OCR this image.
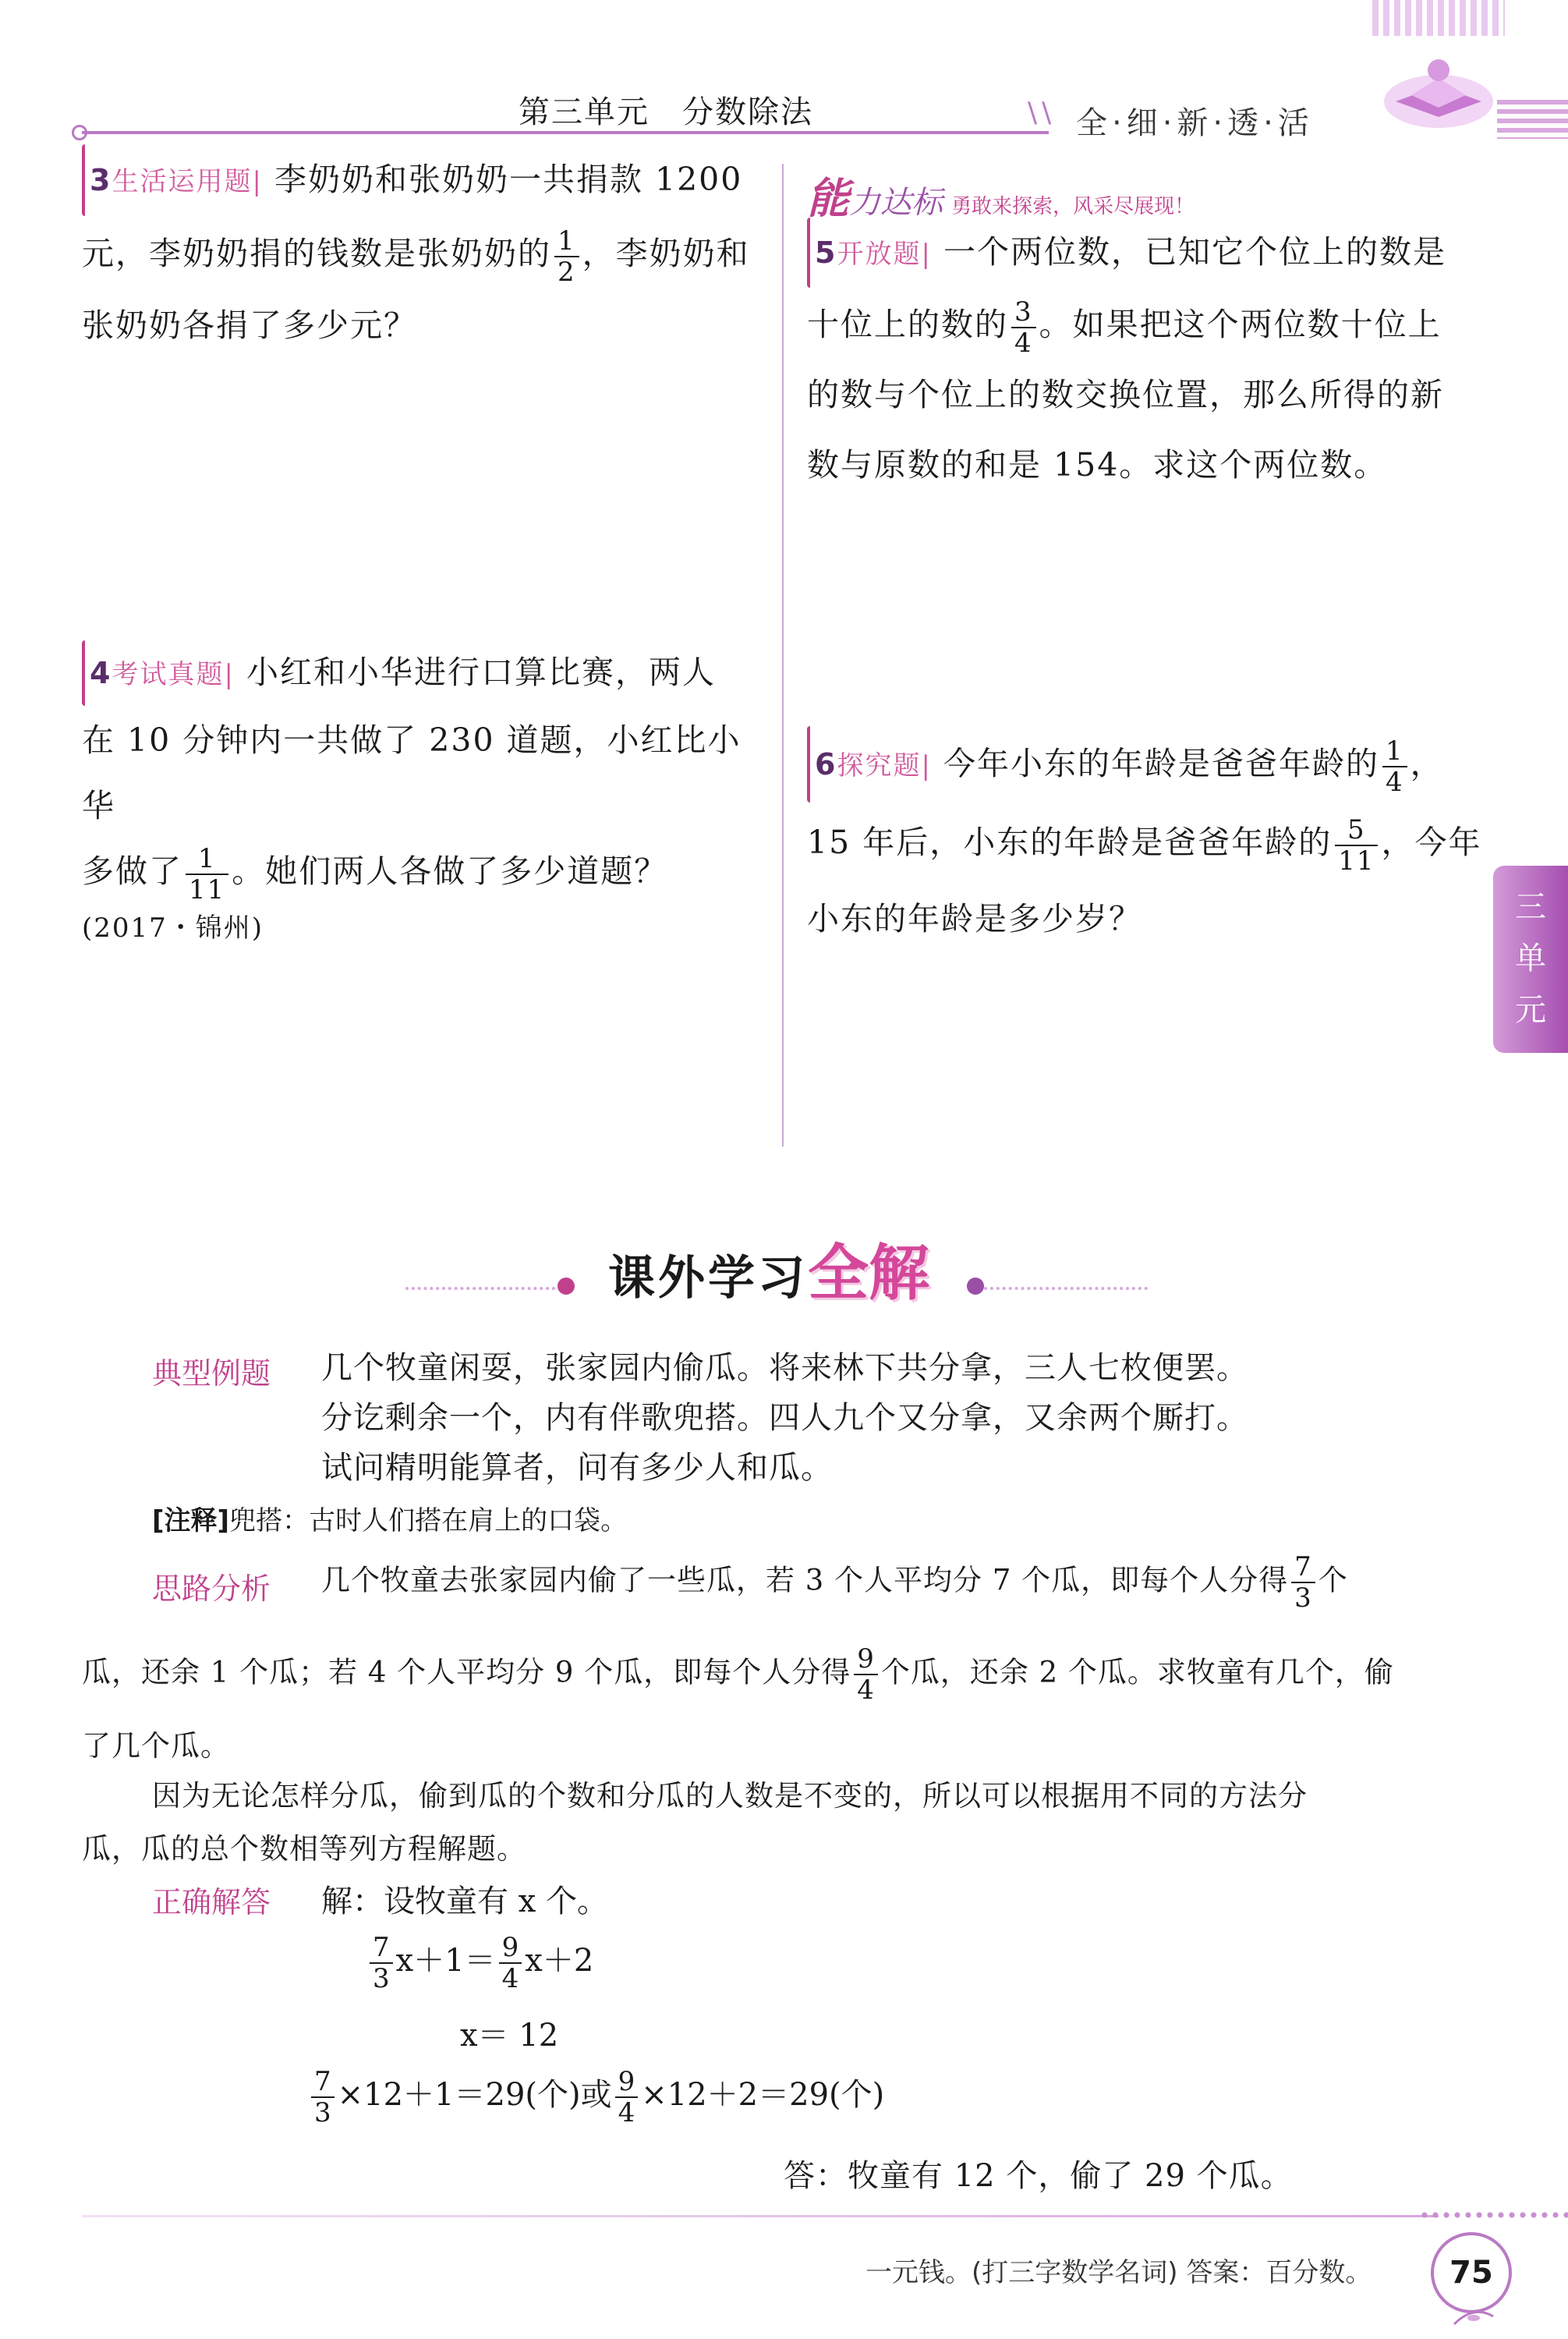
第三单元　分数除法	\\ 全·细·新·透·活
3生活运用题| 李奶奶和张奶奶一共捐款 1200
元，李奶奶捐的钱数是张奶奶的 $\frac{1}{2}$ ，李奶奶和
张奶奶各捐了多少元？
4考试真题| 小红和小华进行口算比赛，两人
在 10 分钟内一共做了 230 道题，小红比小华
多做了 $\frac{1}{11}$ 。她们两人各做了多少道题？
(2017・锦州)
能力达标 勇敢来探索，风采尽展现！
5开放题| 一个两位数，已知它个位上的数是
十位上的数的 $\frac{3}{4}$ 。如果把这个两位数十位上
的数与个位上的数交换位置，那么所得的新
数与原数的和是 154。求这个两位数。
6探究题| 今年小东的年龄是爸爸年龄的 $\frac{1}{4}$ ，
15 年后，小东的年龄是爸爸年龄的 $\frac{5}{11}$ ，今年
小东的年龄是多少岁？	三
单
元
课外学习全解
典型例题 几个牧童闲耍，张家园内偷瓜。将来林下共分拿，三人七枚便罢。
分讫剩余一个，内有伴歌兜搭。四人九个又分拿，又余两个厮打。
试问精明能算者，问有多少人和瓜。
[注释]兜搭：古时人们搭在肩上的口袋。
思路分析 几个牧童去张家园内偷了一些瓜，若 3 个人平均分 7 个瓜，即每个人分得 $\frac{7}{3}$ 个
瓜，还余 1 个瓜；若 4 个人平均分 9 个瓜，即每个人分得 $\frac{9}{4}$ 个瓜，还余 2 个瓜。求牧童有几个，偷
了几个瓜。
因为无论怎样分瓜，偷到瓜的个数和分瓜的人数是不变的，所以可以根据用不同的方法分
瓜，瓜的总个数相等列方程解题。
正确解答 解：设牧童有 x 个。
$\frac{7}{3} x+1= \frac{9}{4} x+2$
x＝ 12
$\frac{7}{3} \times 12+1=29$(个)或 $\frac{9}{4} \times 12+2=29$(个)
答：牧童有 12 个，偷了 29 个瓜。
一元钱。(打三字数学名词) 答案：百分数。	75
